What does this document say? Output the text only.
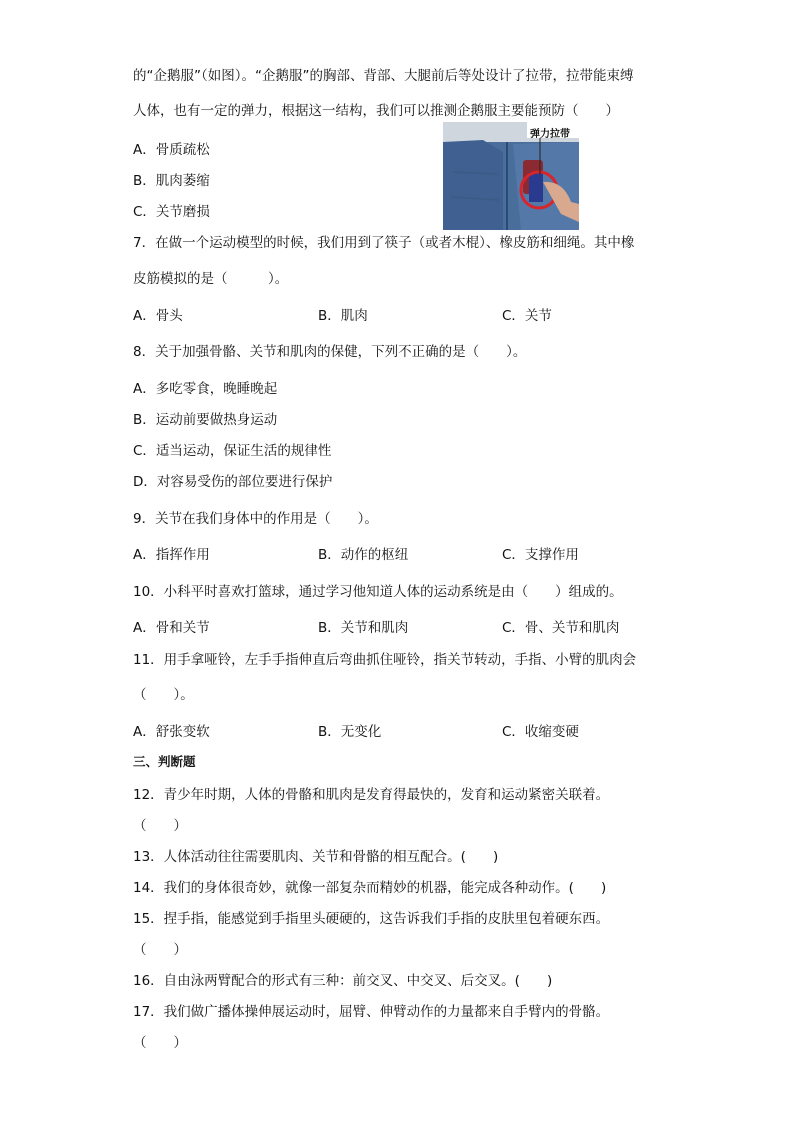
的“企鹅服”（如图）。“企鹅服”的胸部、背部、大腿前后等处设计了拉带，拉带能束缚
人体，也有一定的弹力，根据这一结构，我们可以推测企鹅服主要能预防（　　）
弹力拉带
A．骨质疏松
B．肌肉萎缩
C．关节磨损
7．在做一个运动模型的时候，我们用到了筷子（或者木棍）、橡皮筋和细绳。其中橡
皮筋模拟的是（　　　）。
A．骨头	B．肌肉	C．关节
8．关于加强骨骼、关节和肌肉的保健，下列不正确的是（　　）。
A．多吃零食，晚睡晚起
B．运动前要做热身运动
C．适当运动，保证生活的规律性
D．对容易受伤的部位要进行保护
9．关节在我们身体中的作用是（　　）。
A．指挥作用	B．动作的枢纽	C．支撑作用
10．小科平时喜欢打篮球，通过学习他知道人体的运动系统是由（　　）组成的。
A．骨和关节	B．关节和肌肉	C．骨、关节和肌肉
11．用手拿哑铃，左手手指伸直后弯曲抓住哑铃，指关节转动，手指、小臂的肌肉会
（　　）。
A．舒张变软	B．无变化	C．收缩变硬
三、判断题
12．青少年时期，人体的骨骼和肌肉是发育得最快的，发育和运动紧密关联着。
（　　）
13．人体活动往往需要肌肉、关节和骨骼的相互配合。(　　)
14．我们的身体很奇妙，就像一部复杂而精妙的机器，能完成各种动作。(　　)
15．捏手指，能感觉到手指里头硬硬的，这告诉我们手指的皮肤里包着硬东西。
（　　）
16．自由泳两臂配合的形式有三种：前交叉、中交叉、后交叉。(　　)
17．我们做广播体操伸展运动时，屈臂、伸臂动作的力量都来自手臂内的骨骼。
（　　）
